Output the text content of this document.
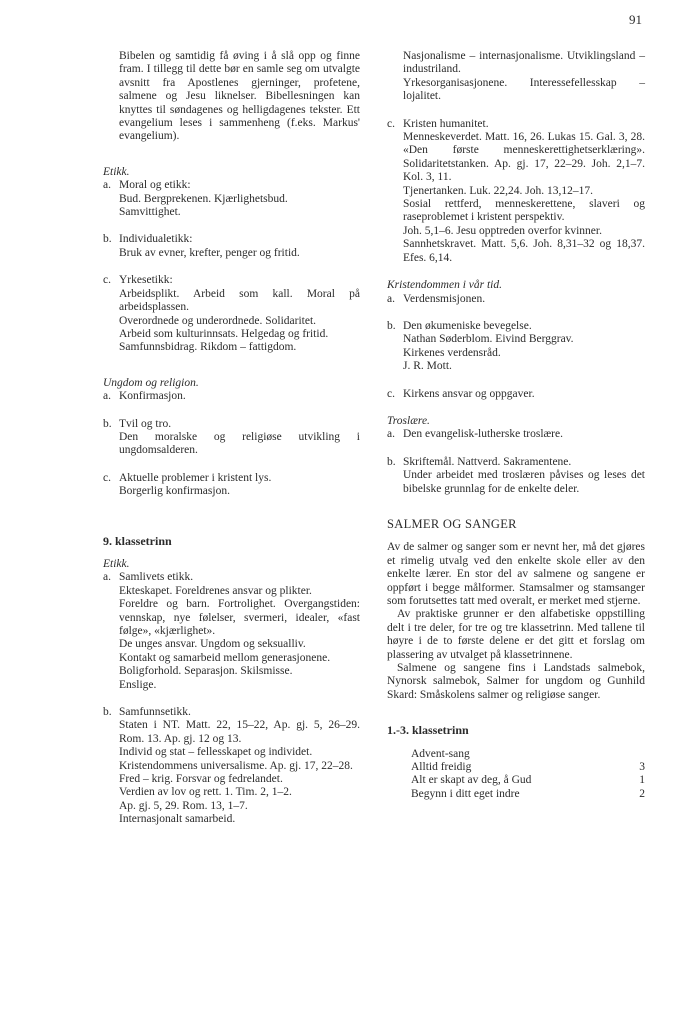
91

Bibelen og samtidig få øving i å slå opp og finne fram. I tillegg til dette bør en samle seg om utvalgte avsnitt fra Apostlenes gjerninger, profetene, salmene og Jesu liknelser. Bibellesningen kan knyttes til søndagenes og helligdagenes tekster. Ett evangelium leses i sammenheng (f.eks. Markus' evangelium).

Etikk.

a. Moral og etikk:

Bud. Bergprekenen. Kjærlighetsbud.

Samvittighet.

b. Individualetikk:

Bruk av evner, krefter, penger og fritid.

c. Yrkesetikk:

Arbeidsplikt. Arbeid som kall. Moral på arbeidsplassen.

Overordnede og underordnede. Solidaritet.

Arbeid som kulturinnsats. Helgedag og fritid.

Samfunnsbidrag. Rikdom – fattigdom.

Ungdom og religion.

a. Konfirmasjon.

b. Tvil og tro.

Den moralske og religiøse utvikling i ungdomsalderen.

c. Aktuelle problemer i kristent lys.

Borgerlig konfirmasjon.

9. klassetrinn

Etikk.

a. Samlivets etikk.

Ekteskapet. Foreldrenes ansvar og plikter.

Foreldre og barn. Fortrolighet. Overgangstiden: vennskap, nye følelser, svermeri, idealer, «fast følge», «kjærlighet».

De unges ansvar. Ungdom og seksualliv.

Kontakt og samarbeid mellom generasjonene.

Boligforhold. Separasjon. Skilsmisse.

Enslige.

b. Samfunnsetikk.

Staten i NT. Matt. 22, 15–22, Ap. gj. 5, 26–29. Rom. 13. Ap. gj. 12 og 13.

Individ og stat – fellesskapet og individet.

Kristendommens universalisme. Ap. gj. 17, 22–28.

Fred – krig. Forsvar og fedrelandet.

Verdien av lov og rett. 1. Tim. 2, 1–2.

Ap. gj. 5, 29. Rom. 13, 1–7.

Internasjonalt samarbeid.

Nasjonalisme – internasjonalisme. Utviklingsland – industriland.

Yrkesorganisasjonene. Interessefellesskap – lojalitet.

c. Kristen humanitet.

Menneskeverdet. Matt. 16, 26. Lukas 15. Gal. 3, 28. «Den første menneskerettighetserklæring». Solidaritetstanken. Ap. gj. 17, 22–29. Joh. 2,1–7. Kol. 3, 11.

Tjenertanken. Luk. 22,24. Joh. 13,12–17.

Sosial rettferd, menneskerettene, slaveri og raseproblemet i kristent perspektiv.

Joh. 5,1–6. Jesu opptreden overfor kvinner.

Sannhetskravet. Matt. 5,6. Joh. 8,31–32 og 18,37. Efes. 6,14.

Kristendommen i vår tid.

a. Verdensmisjonen.

b. Den økumeniske bevegelse.

Nathan Søderblom. Eivind Berggrav.

Kirkenes verdensråd.

J. R. Mott.

c. Kirkens ansvar og oppgaver.

Troslære.

a. Den evangelisk-lutherske troslære.

b. Skriftemål. Nattverd. Sakramentene.

Under arbeidet med troslæren påvises og leses det bibelske grunnlag for de enkelte deler.

SALMER OG SANGER

Av de salmer og sanger som er nevnt her, må det gjøres et rimelig utvalg ved den enkelte skole eller av den enkelte lærer. En stor del av salmene og sangene er oppført i begge målformer. Stamsalmer og stamsanger som forutsettes tatt med overalt, er merket med stjerne.

Av praktiske grunner er den alfabetiske oppstilling delt i tre deler, for tre og tre klassetrinn. Med tallene til høyre i de to første delene er det gitt et forslag om plassering av utvalget på klassetrinnene.

Salmene og sangene fins i Landstads salmebok, Nynorsk salmebok, Salmer for ungdom og Gunhild Skard: Småskolens salmer og religiøse sanger.

1.-3. klassetrinn

Advent-sang
Alltid freidig	3
Alt er skapt av deg, å Gud	1
Begynn i ditt eget indre	2
